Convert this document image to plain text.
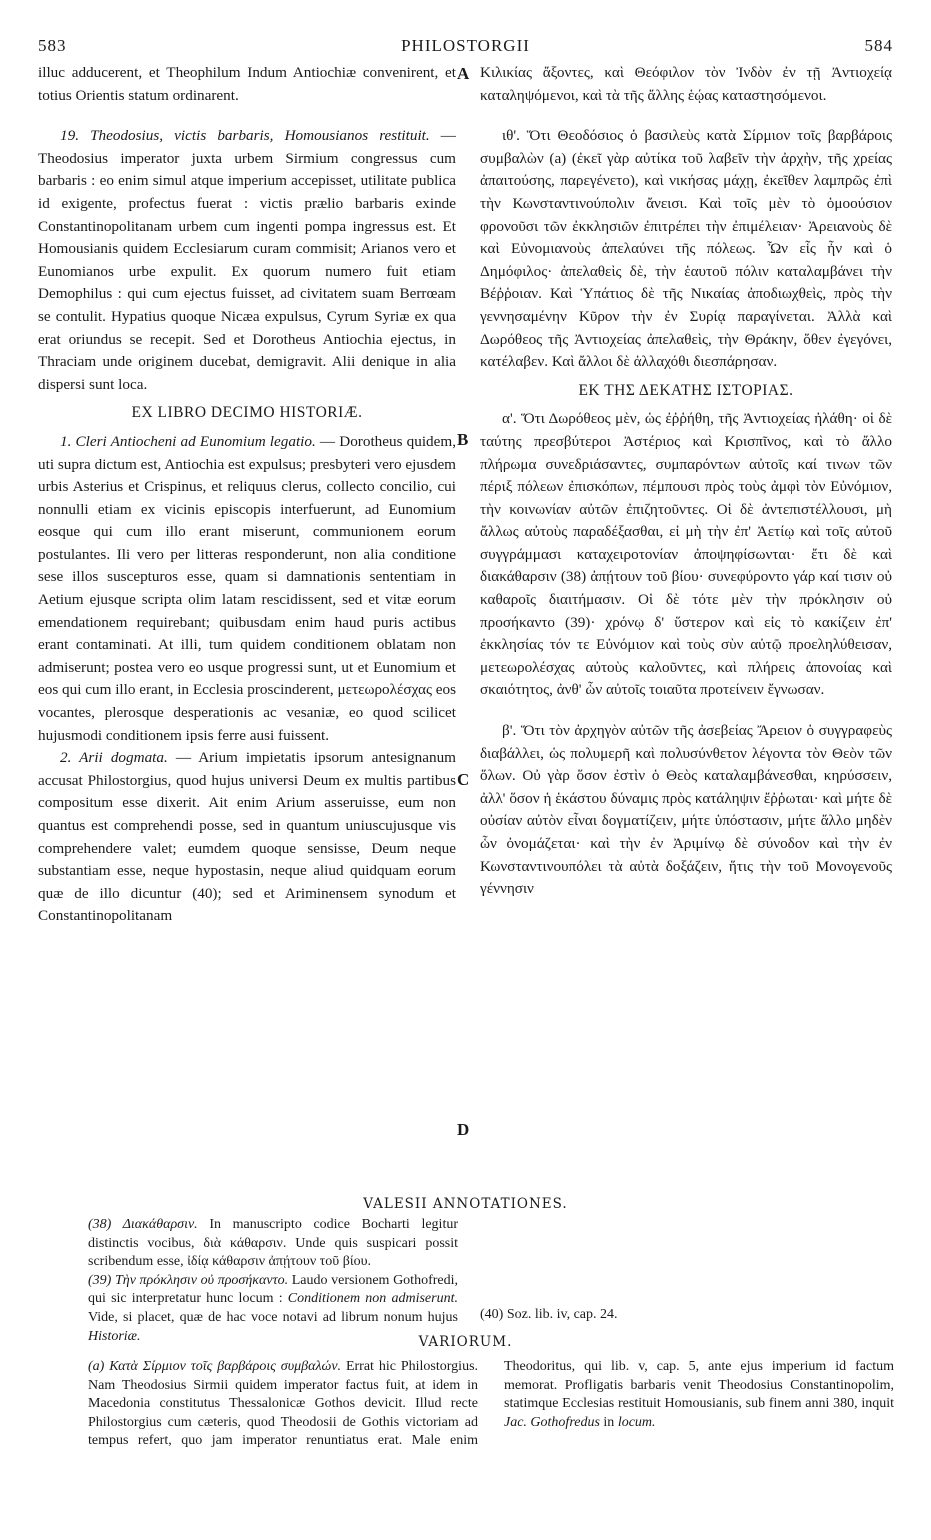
583	PHILOSTORGII	584

illuc adducerent, et Theophilum Indum Antiochiæ convenirent, et totius Orientis statum ordinarent.

19. Theodosius, victis barbaris, Homousianos restituit. — Theodosius imperator juxta urbem Sirmium congressus cum barbaris : eo enim simul atque imperium accepisset, utilitate publica id exigente, profectus fuerat : victis prælio barbaris exinde Constantinopolitanam urbem cum ingenti pompa ingressus est. Et Homousianis quidem Ecclesiarum curam commisit; Arianos vero et Eunomianos urbe expulit. Ex quorum numero fuit etiam Demophilus : qui cum ejectus fuisset, ad civitatem suam Berrœam se contulit. Hypatius quoque Nicæa expulsus, Cyrum Syriæ ex qua erat oriundus se recepit. Sed et Dorotheus Antiochia ejectus, in Thraciam unde originem ducebat, demigravit. Alii denique in alia dispersi sunt loca.

EX LIBRO DECIMO HISTORIÆ.

1. Cleri Antiocheni ad Eunomium legatio. — Dorotheus quidem, uti supra dictum est, Antiochia est expulsus; presbyteri vero ejusdem urbis Asterius et Crispinus, et reliquus clerus, collecto concilio, cui nonnulli etiam ex vicinis episcopis interfuerunt, ad Eunomium eosque qui cum illo erant miserunt, communionem eorum postulantes. Ili vero per litteras responderunt, non alia conditione sese illos suscepturos esse, quam si damnationis sententiam in Aetium ejusque scripta olim latam rescidissent, sed et vitæ eorum emendationem requirebant; quibusdam enim haud puris actibus erant contaminati. At illi, tum quidem conditionem oblatam non admiserunt; postea vero eo usque progressi sunt, ut et Eunomium et eos qui cum illo erant, in Ecclesia proscinderent, μετεωρολέσχας eos vocantes, plerosque desperationis ac vesaniæ, eo quod scilicet hujusmodi conditionem ipsis ferre ausi fuissent.

2. Arii dogmata. — Arium impietatis ipsorum antesignanum accusat Philostorgius, quod hujus universi Deum ex multis partibus compositum esse dixerit. Ait enim Arium asseruisse, eum non quantus est comprehendi posse, sed in quantum uniuscujusque vis comprehendere valet; eumdem quoque sensisse, Deum neque substantiam esse, neque hypostasin, neque aliud quidquam eorum quæ de illo dicuntur (40); sed et Ariminensem synodum et Constantinopolitanam

Κιλικίας ἄξοντες, καὶ Θεόφιλον τὸν Ἰνδὸν ἐν τῇ Ἀντιοχείᾳ καταληψόμενοι, καὶ τὰ τῆς ἄλλης ἑῴας καταστησόμενοι.

ιθ'. Ὅτι Θεοδόσιος ὁ βασιλεὺς κατὰ Σίρμιον τοῖς βαρβάροις συμβαλὼν (a) (ἐκεῖ γὰρ αὐτίκα τοῦ λαβεῖν τὴν ἀρχὴν, τῆς χρείας ἀπαιτούσης, παρεγένετο), καὶ νικήσας μάχῃ, ἐκεῖθεν λαμπρῶς ἐπὶ τὴν Κωνσταντινούπολιν ἄνεισι. Καὶ τοῖς μὲν τὸ ὁμοούσιον φρονοῦσι τῶν ἐκκλησιῶν ἐπιτρέπει τὴν ἐπιμέλειαν· Ἀρειανοὺς δὲ καὶ Εὐνομιανοὺς ἀπελαύνει τῆς πόλεως. Ὧν εἷς ἦν καὶ ὁ Δημόφιλος· ἀπελαθεὶς δὲ, τὴν ἑαυτοῦ πόλιν καταλαμβάνει τὴν Βέῤῥοιαν. Καὶ Ὑπάτιος δὲ τῆς Νικαίας ἀποδιωχθεὶς, πρὸς τὴν γεννησαμένην Κῦρον τὴν ἐν Συρίᾳ παραγίνεται. Ἀλλὰ καὶ Δωρόθεος τῆς Ἀντιοχείας ἀπελαθεὶς, τὴν Θράκην, ὅθεν ἐγεγόνει, κατέλαβεν. Καὶ ἄλλοι δὲ ἀλλαχόθι διεσπάρησαν.

ΕΚ ΤΗΣ ΔΕΚΑΤΗΣ ΙΣΤΟΡΙΑΣ.

α'. Ὅτι Δωρόθεος μὲν, ὡς ἐῤῥήθη, τῆς Ἀντιοχείας ἠλάθη· οἱ δὲ ταύτης πρεσβύτεροι Ἀστέριος καὶ Κρισπῖνος, καὶ τὸ ἄλλο πλήρωμα συνεδριάσαντες, συμπαρόντων αὐτοῖς καί τινων τῶν πέριξ πόλεων ἐπισκόπων, πέμπουσι πρὸς τοὺς ἀμφὶ τὸν Εὐνόμιον, τὴν κοινωνίαν αὐτῶν ἐπιζητοῦντες. Οἱ δὲ ἀντεπιστέλλουσι, μὴ ἄλλως αὐτοὺς παραδέξασθαι, εἰ μὴ τὴν ἐπ' Ἀετίῳ καὶ τοῖς αὐτοῦ συγγράμμασι καταχειροτονίαν ἀποψηφίσωνται· ἔτι δὲ καὶ διακάθαρσιν (38) ἀπῄτουν τοῦ βίου· συνεφύροντο γάρ καί τισιν οὐ καθαροῖς διαιτήμασιν. Οἱ δὲ τότε μὲν τὴν πρόκλησιν οὐ προσήκαντο (39)· χρόνῳ δ' ὕστερον καὶ εἰς τὸ κακίζειν ἐπ' ἐκκλησίας τόν τε Εὐνόμιον καὶ τοὺς σὺν αὐτῷ προεληλύθεισαν, μετεωρολέσχας αὐτοὺς καλοῦντες, καὶ πλήρεις ἀπονοίας καὶ σκαιότητος, ἀνθ' ὧν αὐτοῖς τοιαῦτα προτείνειν ἔγνωσαν.

β'. Ὅτι τὸν ἀρχηγὸν αὐτῶν τῆς ἀσεβείας Ἄρειον ὁ συγγραφεὺς διαβάλλει, ὡς πολυμερῆ καὶ πολυσύνθετον λέγοντα τὸν Θεὸν τῶν ὅλων. Οὐ γὰρ ὅσον ἐστὶν ὁ Θεὸς καταλαμβάνεσθαι, κηρύσσειν, ἀλλ' ὅσον ἡ ἑκάστου δύναμις πρὸς κατάληψιν ἔῤῥωται· καὶ μήτε δὲ οὐσίαν αὐτὸν εἶναι δογματίζειν, μήτε ὑπόστασιν, μήτε ἄλλο μηδὲν ὧν ὀνομάζεται· καὶ τὴν ἐν Ἀριμίνῳ δὲ σύνοδον καὶ τὴν ἐν Κωνσταντινουπόλει τὰ αὐτὰ δοξάζειν, ἥτις τὴν τοῦ Μονογενοῦς γέννησιν

A
B
C
D
VALESII ANNOTATIONES.

(38) Διακάθαρσιν. In manuscripto codice Bocharti legitur distinctis vocibus, διὰ κάθαρσιν. Unde quis suspicari possit scribendum esse, ἰδίᾳ κάθαρσιν ἀπῄτουν τοῦ βίου.

(39) Τὴν πρόκλησιν οὐ προσήκαντο. Laudo versionem Gothofredi, qui sic interpretatur hunc locum : Conditionem non admiserunt. Vide, si placet, quæ de hac voce notavi ad librum nonum hujus Historiæ.

(40) Soz. lib. iv, cap. 24.

VARIORUM.

(a) Κατὰ Σίρμιον τοῖς βαρβάροις συμβαλών. Errat hic Philostorgius. Nam Theodosius Sirmii quidem imperator factus fuit, at idem in Macedonia constitutus Thessalonicæ Gothos devicit. Illud recte Philostorgius cum cæteris, quod Theodosii de Gothis victoriam ad tempus refert, quo jam imperator renuntiatus erat. Male enim Theodoritus, qui lib. v, cap. 5, ante ejus imperium id factum memorat. Profligatis barbaris venit Theodosius Constantinopolim, statimque Ecclesias restituit Homousianis, sub finem anni 380, inquit Jac. Gothofredus in locum.
